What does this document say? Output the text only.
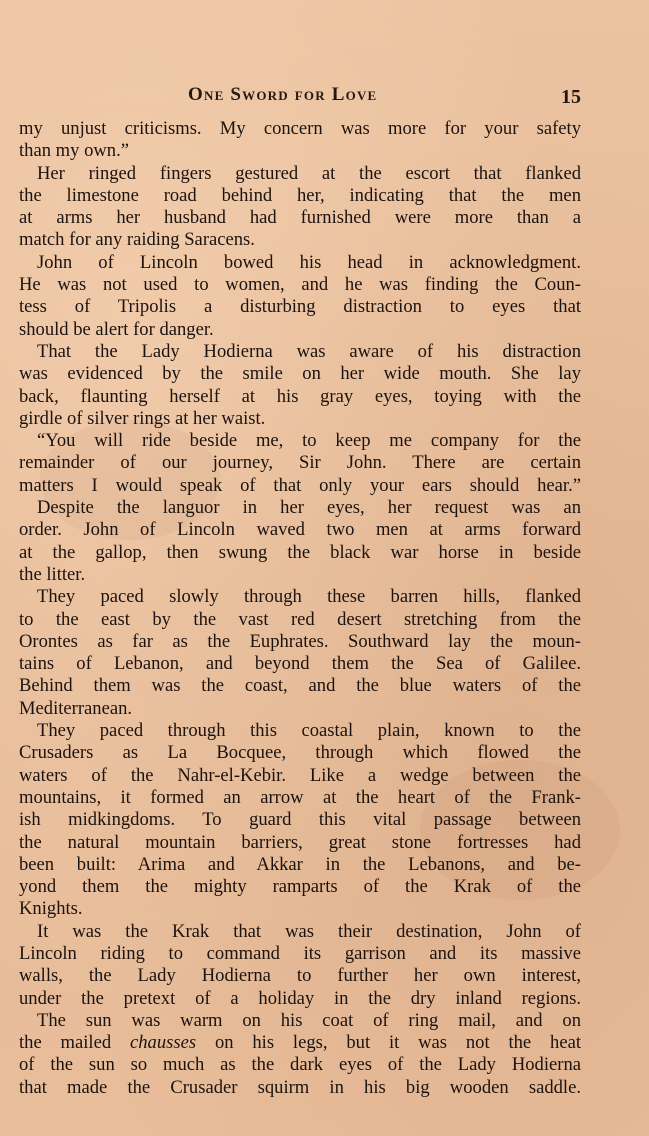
One Sword for Love	15
my unjust criticisms. My concern was more for your safety
than my own.”
Her ringed fingers gestured at the escort that flanked
the limestone road behind her, indicating that the men
at arms her husband had furnished were more than a
match for any raiding Saracens.
John of Lincoln bowed his head in acknowledgment.
He was not used to women, and he was finding the Coun-
tess of Tripolis a disturbing distraction to eyes that
should be alert for danger.
That the Lady Hodierna was aware of his distraction
was evidenced by the smile on her wide mouth. She lay
back, flaunting herself at his gray eyes, toying with the
girdle of silver rings at her waist.
“You will ride beside me, to keep me company for the
remainder of our journey, Sir John. There are certain
matters I would speak of that only your ears should hear.”
Despite the languor in her eyes, her request was an
order. John of Lincoln waved two men at arms forward
at the gallop, then swung the black war horse in beside
the litter.
They paced slowly through these barren hills, flanked
to the east by the vast red desert stretching from the
Orontes as far as the Euphrates. Southward lay the moun-
tains of Lebanon, and beyond them the Sea of Galilee.
Behind them was the coast, and the blue waters of the
Mediterranean.
They paced through this coastal plain, known to the
Crusaders as La Bocquee, through which flowed the
waters of the Nahr-el-Kebir. Like a wedge between the
mountains, it formed an arrow at the heart of the Frank-
ish midkingdoms. To guard this vital passage between
the natural mountain barriers, great stone fortresses had
been built: Arima and Akkar in the Lebanons, and be-
yond them the mighty ramparts of the Krak of the
Knights.
It was the Krak that was their destination, John of
Lincoln riding to command its garrison and its massive
walls, the Lady Hodierna to further her own interest,
under the pretext of a holiday in the dry inland regions.
The sun was warm on his coat of ring mail, and on
the mailed chausses on his legs, but it was not the heat
of the sun so much as the dark eyes of the Lady Hodierna
that made the Crusader squirm in his big wooden saddle.
